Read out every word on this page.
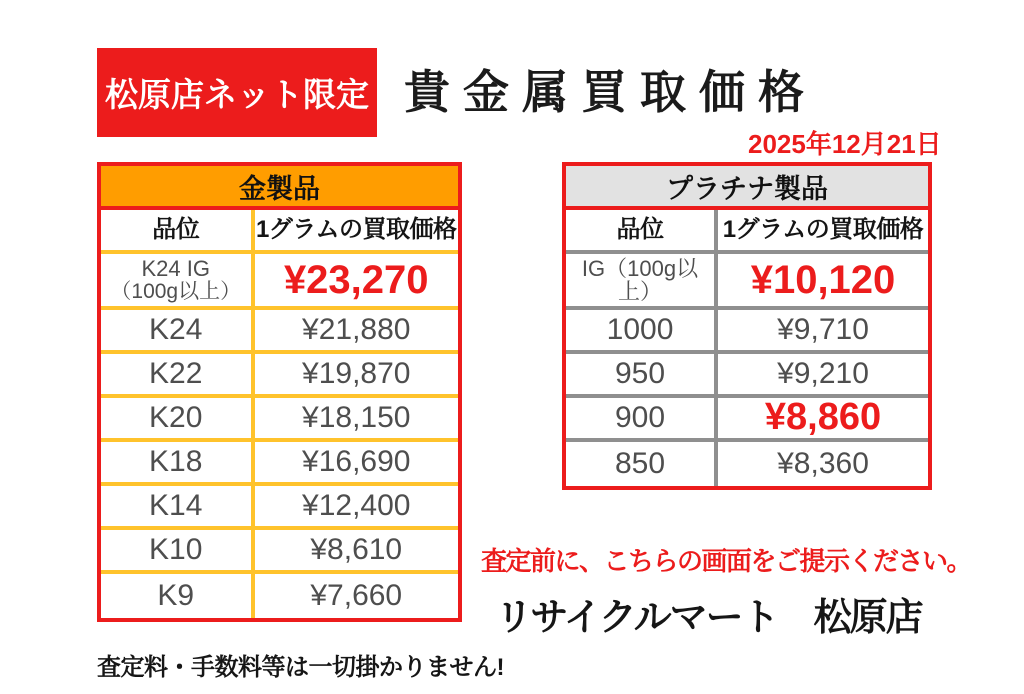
松原店ネット限定 貴金属買取価格
2025年12月21日
金製品
品位 1グラムの買取価格
K24 IG
（100g以上） ¥23,270
K24	¥21,880
K22	¥19,870
K20	¥18,150
K18	¥16,690
K14	¥12,400
K10	¥8,610
K9	¥7,660
プラチナ製品
品位 1グラムの買取価格
IG（100g以上）	¥10,120
1000	¥9,710
950	¥9,210
900	¥8,860
850	¥8,360
査定前に、こちらの画面をご提示ください。
リサイクルマート　松原店
査定料・手数料等は一切掛かりません!
